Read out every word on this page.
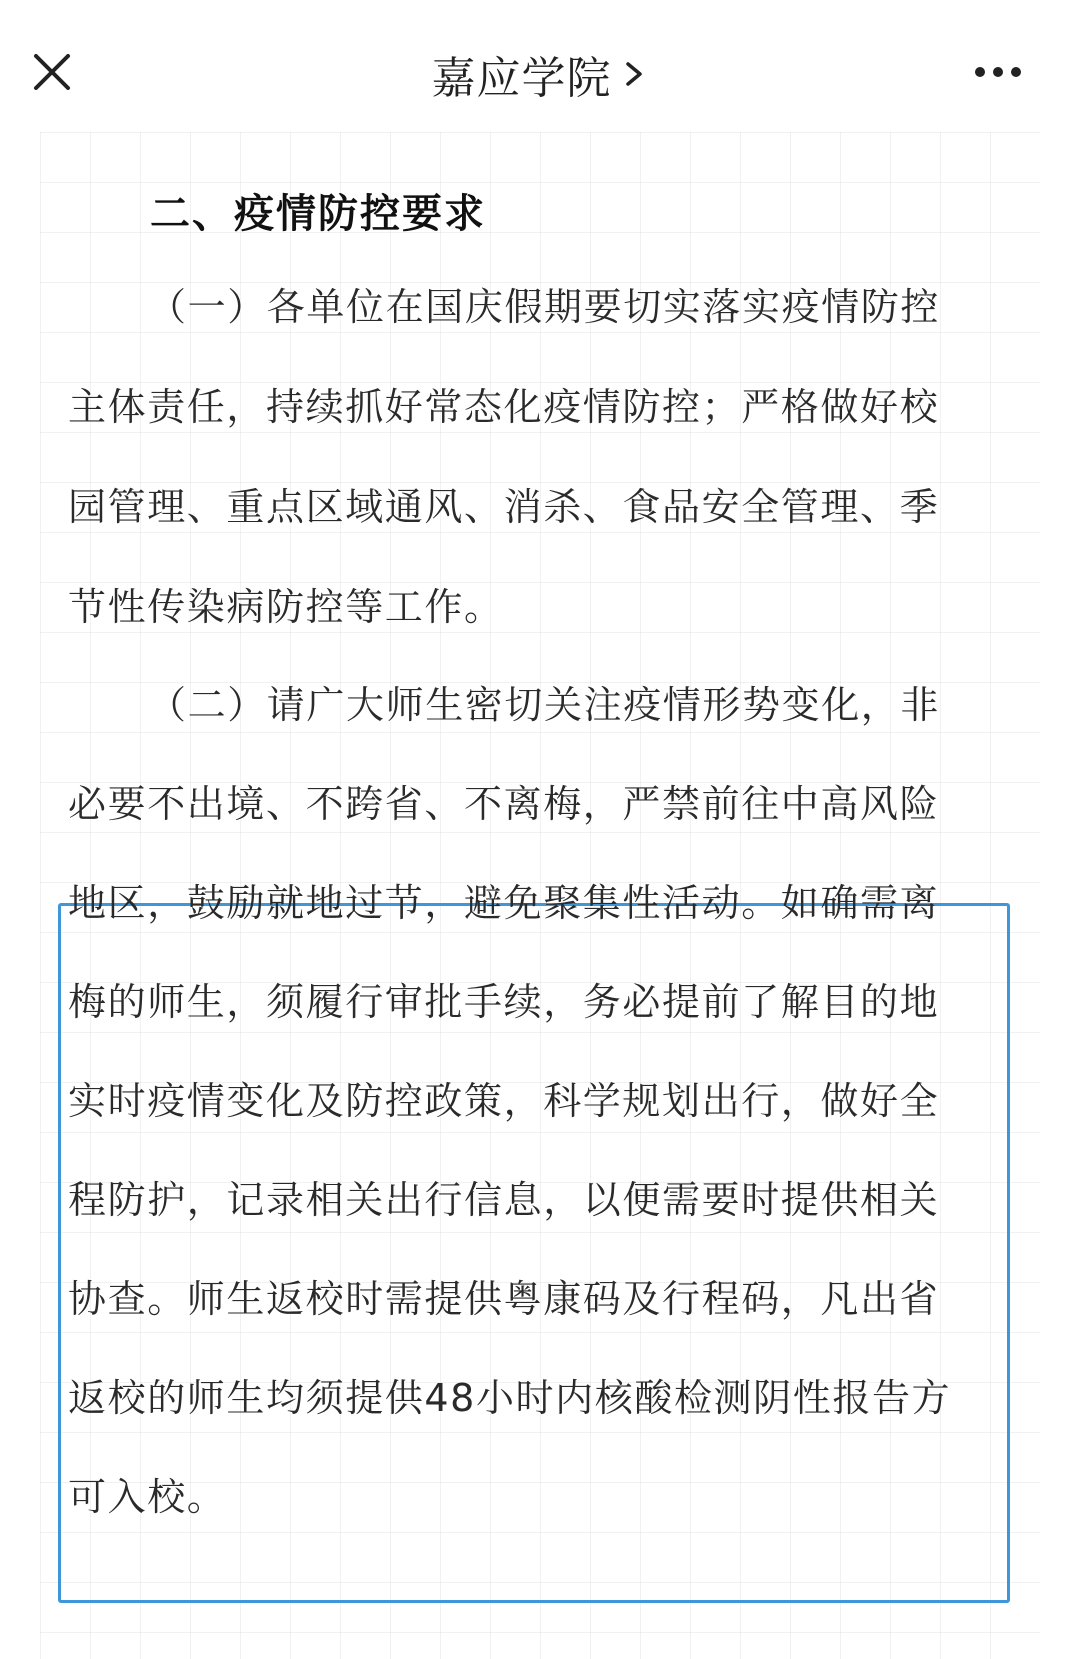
嘉应学院
二、疫情防控要求
（一）各单位在国庆假期要切实落实疫情防控
主体责任，持续抓好常态化疫情防控；严格做好校
园管理、重点区域通风、消杀、食品安全管理、季
节性传染病防控等工作。
（二）请广大师生密切关注疫情形势变化，非
必要不出境、不跨省、不离梅，严禁前往中高风险
地区，鼓励就地过节，避免聚集性活动。如确需离
梅的师生，须履行审批手续，务必提前了解目的地
实时疫情变化及防控政策，科学规划出行，做好全
程防护，记录相关出行信息，以便需要时提供相关
协查。师生返校时需提供粤康码及行程码，凡出省
返校的师生均须提供48小时内核酸检测阴性报告方
可入校。
